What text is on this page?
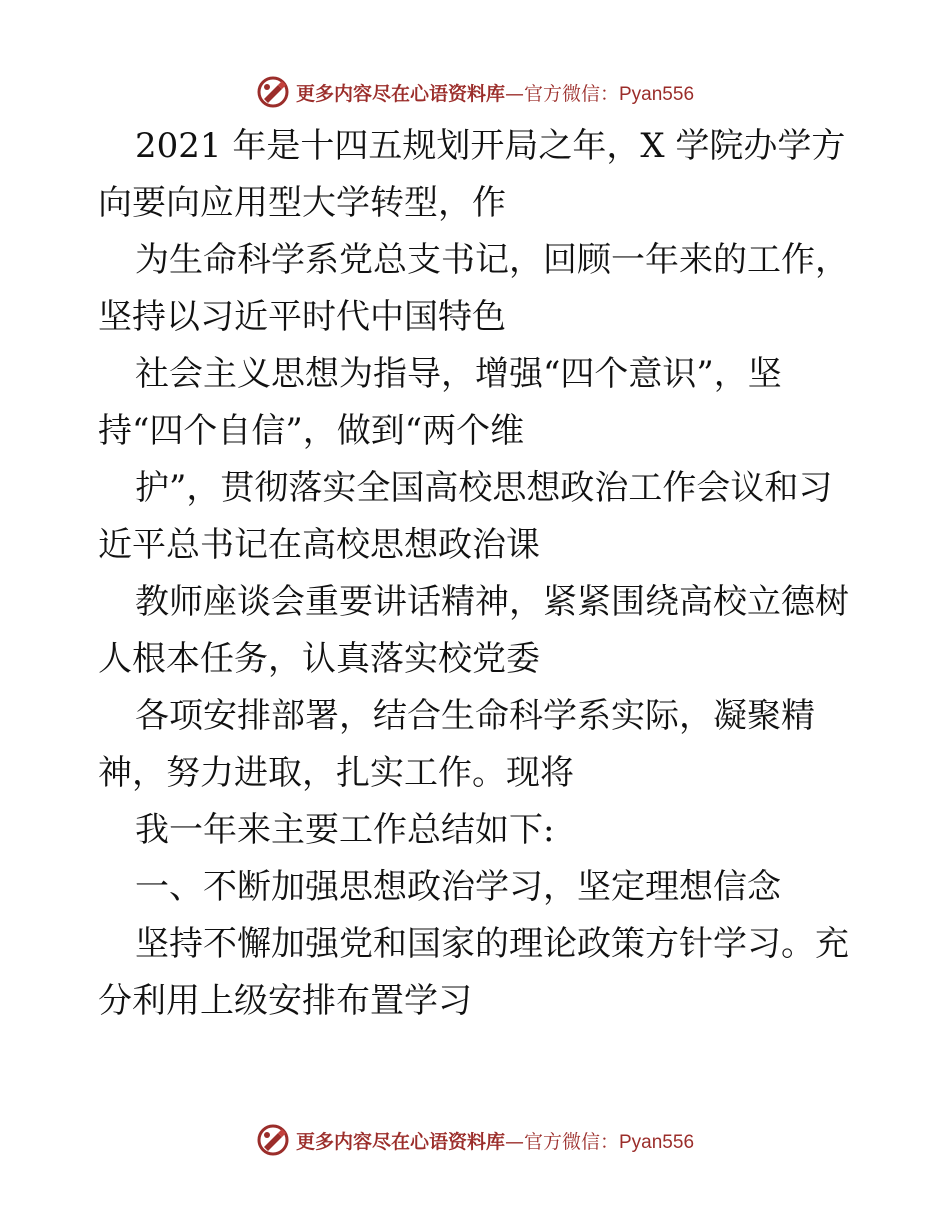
更多内容尽在心语资料库—官方微信：Pyan556

2021 年是十四五规划开局之年，X 学院办学方
向要向应用型大学转型，作

为生命科学系党总支书记，回顾一年来的工作，
坚持以习近平时代中国特色

社会主义思想为指导，增强“四个意识”，坚
持“四个自信”，做到“两个维

护”，贯彻落实全国高校思想政治工作会议和习
近平总书记在高校思想政治课

教师座谈会重要讲话精神，紧紧围绕高校立德树
人根本任务，认真落实校党委

各项安排部署，结合生命科学系实际，凝聚精
神，努力进取，扎实工作。现将

我一年来主要工作总结如下:

一、不断加强思想政治学习，坚定理想信念

坚持不懈加强党和国家的理论政策方针学习。充
分利用上级安排布置学习

更多内容尽在心语资料库—官方微信：Pyan556
